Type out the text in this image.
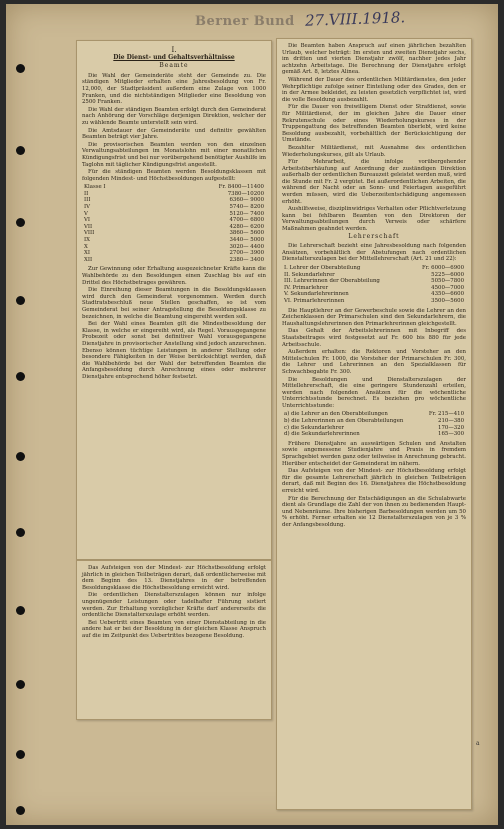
Berner Bund 27.VIII.1918.
I.
Die Dienst- und Gehaltsverhältnisse
Beamte

Die Wahl der Gemeinderäte steht der Gemeinde zu. Die ständigen Mitglieder erhalten eine Jahresbesoldung von Fr. 12,000, der Stadtpräsident außerdem eine Zulage von 1000 Franken, und die nichtständigen Mitglieder eine Besoldung von 2500 Franken.

Die Wahl der ständigen Beamten erfolgt durch den Gemeinderat nach Anhörung der Vorschläge derjenigen Direktion, welcher der zu wählende Beamte unterstellt sein wird.

Die Amtsdauer der Gemeinderäte und definitiv gewählten Beamten beträgt vier Jahre.

Die provisorischen Beamten werden von den einzelnen Verwaltungsabteilungen im Monatslohn mit einer monatlichen Kündigungsfrist und bei nur vorübergehend benötigter Aushilfe im Taglohn mit täglicher Kündigungsfrist angestellt.

Für die ständigen Beamten werden Besoldungsklassen mit folgenden Mindest- und Höchstbesoldungen aufgestellt:

Klasse I	Fr. 8400—11400
II	7380—10200
III	6360— 9000
IV	5740— 8200
V	5120— 7400
VI	4700— 6800
VII	4280— 6200
VIII	3860— 5600
IX	3440— 5000
X	3020— 4400
XI	2700— 3900
XII	2380— 3400

Zur Gewinnung oder Erhaltung ausgezeichneter Kräfte kann die Wahlbehörde zu den Besoldungen einen Zuschlag bis auf ein Drittel des Höchstbetrages gewähren.

Die Einreihung dieser Beamtungen in die Besoldungsklassen wird durch den Gemeinderat vorgenommen. Werden durch Stadtratsbeschluß neue Stellen geschaffen, so ist vom Gemeinderat bei seiner Antragstellung die Besoldungsklasse zu bezeichnen, in welche die Beamtung eingereiht werden soll.

Bei der Wahl eines Beamten gilt die Mindestbesoldung der Klasse, in welche er eingereiht wird, als Regel. Vorausgegangene Probezeit oder sonst bei definitiver Wahl vorausgegangene Dienstjahre in provisorischer Anstellung sind jedoch anzurechnen. Ebenso können tüchtige Leistungen in anderer Stellung oder besondere Fähigkeiten in der Weise berücksichtigt werden, daß die Wahlbehörde bei der Wahl der betreffenden Beamten die Anfangsbesoldung durch Anrechnung eines oder mehrerer Dienstjahre entsprechend höher festsetzt.

Das Aufsteigen von der Mindest- zur Höchstbesoldung erfolgt jährlich in gleichen Teilbeträgen derart, daß ordentlicherweise mit dem Beginn des 13. Dienstjahres in der betreffenden Besoldungsklasse die Höchstbesoldung erreicht wird.

Die ordentlichen Dienstalterszulagen können nur infolge ungenügender Leistungen oder tadelhafter Führung sistiert werden. Zur Erhaltung vorzüglicher Kräfte darf andererseits die ordentliche Dienstalterszulage erhöht werden.

Bei Uebertritt eines Beamten von einer Dienstabteilung in die andere hat er bei der Besoldung in der gleichen Klasse Anspruch auf die im Zeitpunkt des Uebertrittes bezogene Besoldung.

Die Beamten haben Anspruch auf einen jährlichen bezahlten Urlaub, welcher beträgt: Im ersten und zweiten Dienstjahr sechs, im dritten und vierten Dienstjahr zwölf, nachher jedes Jahr achtzehn Arbeitstage. Die Berechnung der Dienstjahre erfolgt gemäß Art. 8, letztes Alinea.

Während der Dauer des ordentlichen Militärdienstes, den jeder Wehrpflichtige zufolge seiner Einteilung oder des Grades, den er in der Armee bekleidet, zu leisten gesetzlich verpflichtet ist, wird die volle Besoldung ausbezahlt.

Für die Dauer von freiwilligem Dienst oder Strafdienst, sowie für Militärdienst, der im gleichen Jahre die Dauer einer Rekrutenschule oder eines Wiederholungskurses in der Truppengattung des betreffenden Beamten überlebt, wird keine Besoldung ausbezahlt, vorbehältlich der Berücksichtigung der Umstände.

Bezahlter Militärdienst, mit Ausnahme des ordentlichen Wiederholungskurses, gilt als Urlaub.

Für Mehrarbeit, die infolge vorübergehender Arbeitsüberhäufung auf Anordnung der zuständigen Direktion außerhalb der ordentlichen Bureauzeit geleistet werden muß, wird die Stunde mit Fr. 2 vergütet. Bei außerordentlichen Arbeiten, die während der Nacht oder an Sonn- und Feiertagen ausgeführt werden müssen, wird die Ueberzeitentschädigung angemessen erhöht.

Aushilfsweise, disziplinwidriges Verhalten oder Pflichtverletzung kann bei fehlbaren Beamten von den Direktoren der Verwaltungsabteilungen durch Verweis oder schärfere Maßnahmen geahndet werden.

Lehrerschaft

Die Lehrerschaft bezieht eine Jahresbesoldung nach folgenden Ansätzen, vorbehältlich der Abstufungen nach ordentlichen Dienstalterszulagen bei der Mittellehrerschaft (Art. 21 und 22):

I. Lehrer der Oberabteilung	Fr. 6000—6900
II. Sekundarlehrer	5225—6000
III. Lehrerinnen der Oberabteilung	5050—7800
IV. Primarlehrer	4500—7000
V. Sekundarlehrerinnen	4350—6600
VI. Primarlehrerinnen	3500—5600

Die Hauptlehrer an der Gewerbeschule sowie die Lehrer an den Zeichenklassen der Primarschulen sind den Sekundarlehrern, die Haushaltungslehrerinnen den Primarlehrerinnen gleichgestellt.

Das Gehalt der Arbeitslehrerinnen mit Inbegriff des Staatsbeitrages wird festgesetzt auf Fr. 600 bis 880 für jede Arbeitsschule.

Außerdem erhalten: die Rektoren und Vorsteher an den Mittelschulen Fr. 1000, die Vorsteher der Primarschulen Fr. 300, die Lehrer und Lehrerinnen an den Spezialklassen für Schwachbegabte Fr. 300.

Die Besoldungen und Dienstalterszulagen der Mittellehrerschaft, die eine geringere Stundenzahl erteilen, werden nach folgenden Ansätzen für die wöchentliche Unterrichtsstunde berechnet. Es beziehen pro wöchentliche Unterrichtsstunde:

a) die Lehrer an den Oberabteilungen	Fr. 215—410
b) die Lehrerinnen an den Oberabteilungen	210—380
c) die Sekundarlehrer	170—320
d) die Sekundarlehrerinnen	165—300

Frühere Dienstjahre an auswärtigen Schulen und Anstalten sowie angemessene Studienjahre und Praxis in fremdem Sprachgebiet werden ganz oder teilweise in Anrechnung gebracht. Hierüber entscheidet der Gemeinderat im nähern.

Das Aufsteigen von der Mindest- zur Höchstbesoldung erfolgt für die gesamte Lehrerschaft jährlich in gleichen Teilbeträgen derart, daß mit Beginn des 16. Dienstjahres die Höchstbesoldung erreicht wird.

Für die Berechnung der Entschädigungen an die Schulabwarte dient als Grundlage die Zahl der von ihnen zu bedienenden Haupt- und Nebenräume. Ihre bisherigen Barbesoldungen werden um 50 % erhöht. Ferner erhalten sie 12 Dienstalterszulagen von je 3 % der Anfangsbesoldung.

a
